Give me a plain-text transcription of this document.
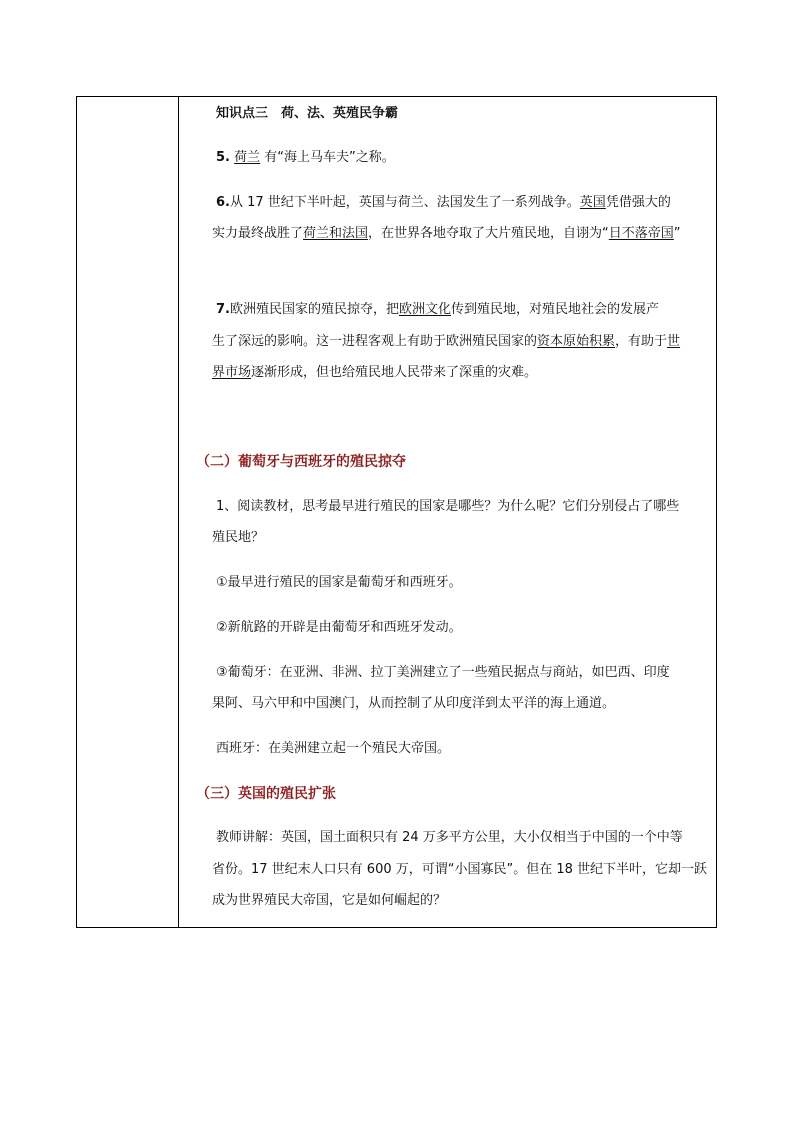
知识点三　荷、法、英殖民争霸
5. 荷兰 有“海上马车夫”之称。
6.从 17 世纪下半叶起，英国与荷兰、法国发生了一系列战争。英国凭借强大的
实力最终战胜了荷兰和法国，在世界各地夺取了大片殖民地，自诩为“日不落帝国”
7.欧洲殖民国家的殖民掠夺，把欧洲文化传到殖民地，对殖民地社会的发展产
生了深远的影响。这一进程客观上有助于欧洲殖民国家的资本原始积累，有助于世
界市场逐渐形成，但也给殖民地人民带来了深重的灾难。
（二）葡萄牙与西班牙的殖民掠夺
1、阅读教材，思考最早进行殖民的国家是哪些？为什么呢？它们分别侵占了哪些
殖民地？
①最早进行殖民的国家是葡萄牙和西班牙。
②新航路的开辟是由葡萄牙和西班牙发动。
③葡萄牙：在亚洲、非洲、拉丁美洲建立了一些殖民据点与商站，如巴西、印度
果阿、马六甲和中国澳门，从而控制了从印度洋到太平洋的海上通道。
西班牙：在美洲建立起一个殖民大帝国。
（三）英国的殖民扩张
教师讲解：英国，国土面积只有 24 万多平方公里，大小仅相当于中国的一个中等
省份。17 世纪末人口只有 600 万，可谓“小国寡民”。但在 18 世纪下半叶，它却一跃
成为世界殖民大帝国，它是如何崛起的？
